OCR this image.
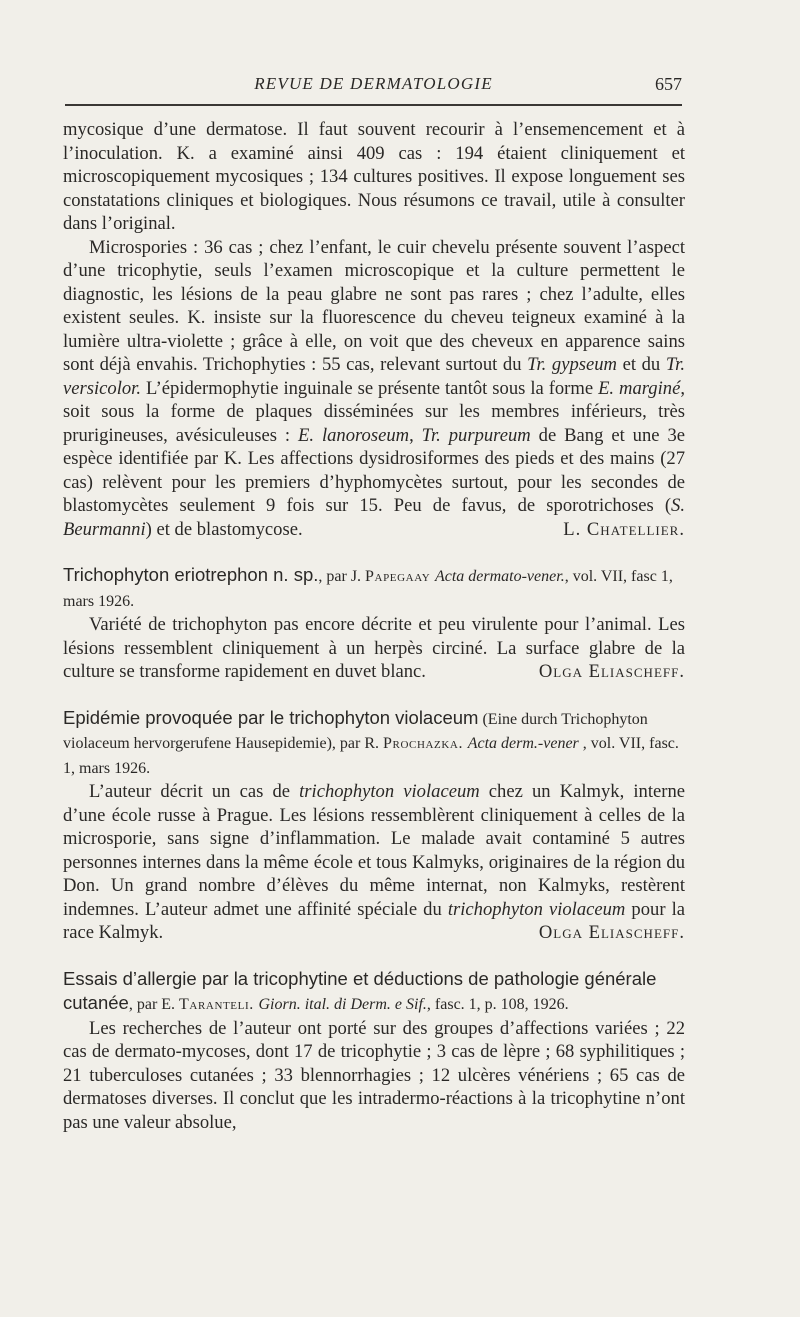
REVUE DE DERMATOLOGIE	657

mycosique d’une dermatose. Il faut souvent recourir à l’ensemencement et à l’inoculation. K. a examiné ainsi 409 cas : 194 étaient cliniquement et microscopiquement mycosiques ; 134 cultures positives. Il expose longuement ses constatations cliniques et biologiques. Nous résumons ce travail, utile à consulter dans l’original.

Microspories : 36 cas ; chez l’enfant, le cuir chevelu présente souvent l’aspect d’une tricophytie, seuls l’examen microscopique et la culture permettent le diagnostic, les lésions de la peau glabre ne sont pas rares ; chez l’adulte, elles existent seules. K. insiste sur la fluorescence du cheveu teigneux examiné à la lumière ultra-violette ; grâce à elle, on voit que des cheveux en apparence sains sont déjà envahis. Trichophyties : 55 cas, relevant surtout du Tr. gypseum et du Tr. versicolor. L’épidermophytie inguinale se présente tantôt sous la forme E. marginé, soit sous la forme de plaques disséminées sur les membres inférieurs, très prurigineuses, avésiculeuses : E. lanoroseum, Tr. purpureum de Bang et une 3e espèce identifiée par K. Les affections dysidrosiformes des pieds et des mains (27 cas) relèvent pour les premiers d’hyphomycètes surtout, pour les secondes de blastomycètes seulement 9 fois sur 15. Peu de favus, de sporotrichoses (S. Beurmanni) et de blastomycose.	L. Chatellier.

Trichophyton eriotrephon n. sp., par J. Papegaay Acta dermato-vener., vol. VII, fasc 1, mars 1926.

Variété de trichophyton pas encore décrite et peu virulente pour l’animal. Les lésions ressemblent cliniquement à un herpès circiné. La surface glabre de la culture se transforme rapidement en duvet blanc.	Olga Eliascheff.

Epidémie provoquée par le trichophyton violaceum (Eine durch Trichophyton violaceum hervorgerufene Hausepidemie), par R. Prochazka. Acta derm.-vener , vol. VII, fasc. 1, mars 1926.

L’auteur décrit un cas de trichophyton violaceum chez un Kalmyk, interne d’une école russe à Prague. Les lésions ressemblèrent cliniquement à celles de la microsporie, sans signe d’inflammation. Le malade avait contaminé 5 autres personnes internes dans la même école et tous Kalmyks, originaires de la région du Don. Un grand nombre d’élèves du même internat, non Kalmyks, restèrent indemnes. L’auteur admet une affinité spéciale du trichophyton violaceum pour la race Kalmyk.	Olga Eliascheff.

Essais d’allergie par la tricophytine et déductions de pathologie générale cutanée, par E. Taranteli. Giorn. ital. di Derm. e Sif., fasc. 1, p. 108, 1926.

Les recherches de l’auteur ont porté sur des groupes d’affections variées ; 22 cas de dermato-mycoses, dont 17 de tricophytie ; 3 cas de lèpre ; 68 syphilitiques ; 21 tuberculoses cutanées ; 33 blennorrhagies ; 12 ulcères vénériens ; 65 cas de dermatoses diverses. Il conclut que les intradermo-réactions à la tricophytine n’ont pas une valeur absolue,
